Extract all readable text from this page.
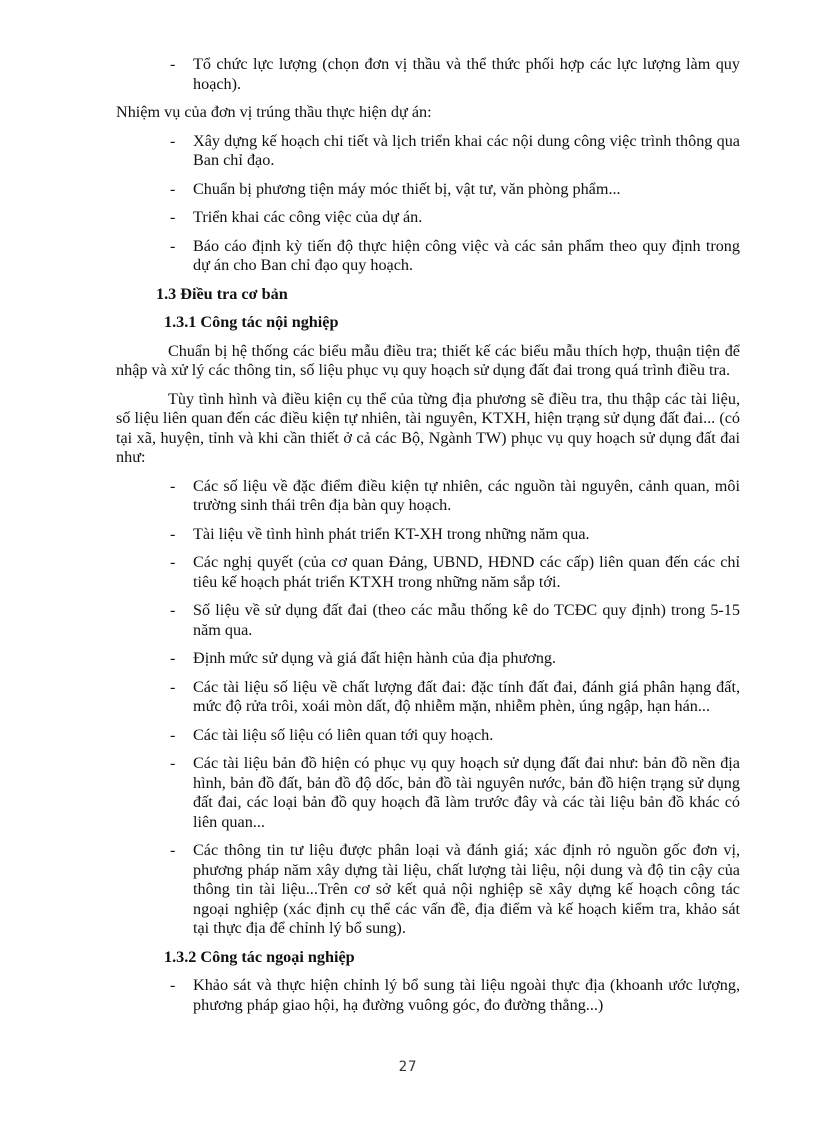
- Tổ chức lực lượng (chọn đơn vị thầu và thể thức phối hợp các lực lượng làm quy hoạch).

Nhiệm vụ của đơn vị trúng thầu thực hiện dự án:

- Xây dựng kế hoạch chi tiết và lịch triển khai các nội dung công việc trình thông qua Ban chỉ đạo.
- Chuẩn bị phương tiện máy móc thiết bị, vật tư, văn phòng phẩm...
- Triển khai các công việc của dự án.
- Báo cáo định kỳ tiến độ thực hiện công việc và các sản phẩm theo quy định trong dự án cho Ban chỉ đạo quy hoạch.
1.3 Điều tra cơ bản
1.3.1 Công tác nội nghiệp

Chuẩn bị hệ thống các biểu mẫu điều tra; thiết kế các biểu mẫu thích hợp, thuận tiện để nhập và xử lý các thông tin, số liệu phục vụ quy hoạch sử dụng đất đai trong quá trình điều tra.

Tùy tình hình và điều kiện cụ thể của từng địa phương sẽ điều tra, thu thập các tài liệu, số liệu liên quan đến các điều kiện tự nhiên, tài nguyên, KTXH, hiện trạng sử dụng đất đai... (có tại xã, huyện, tỉnh và khi cần thiết ở cả các Bộ, Ngành TW) phục vụ quy hoạch sử dụng đất đai như:

- Các số liệu về đặc điểm điều kiện tự nhiên, các nguồn tài nguyên, cảnh quan, môi trường sinh thái trên địa bàn quy hoạch.
- Tài liệu về tình hình phát triển KT-XH trong những năm qua.
- Các nghị quyết (của cơ quan Đảng, UBND, HĐND các cấp) liên quan đến các chỉ tiêu kế hoạch phát triển KTXH trong những năm sắp tới.
- Số liệu về sử dụng đất đai (theo các mẫu thống kê do TCĐC quy định) trong 5-15 năm qua.
- Định mức sử dụng và giá đất hiện hành của địa phương.
- Các tài liệu số liệu về chất lượng đất đai: đặc tính đất đai, đánh giá phân hạng đất, mức độ rửa trôi, xoái mòn dất, độ nhiễm mặn, nhiễm phèn, úng ngập, hạn hán...
- Các tài liệu số liệu có liên quan tới quy hoạch.
- Các tài liệu bản đồ hiện có phục vụ quy hoạch sử dụng đất đai như: bản đồ nền địa hình, bản đồ đất, bản đồ độ dốc, bản đồ tài nguyên nước, bản đồ hiện trạng sử dụng đất đai, các loại bản đồ quy hoạch đã làm trước đây và các tài liệu bản đồ khác có liên quan...
- Các thông tin tư liệu được phân loại và đánh giá; xác định rỏ nguồn gốc đơn vị, phương pháp năm xây dựng tài liệu, chất lượng tài liệu, nội dung và độ tin cậy của thông tin tài liệu...Trên cơ sở kết quả nội nghiệp sẽ xây dựng kế hoạch công tác ngoại nghiệp (xác định cụ thể các vấn đề, địa điểm và kế hoạch kiểm tra, khảo sát tại thực địa để chỉnh lý bổ sung).
1.3.2 Công tác ngoại nghiệp
- Khảo sát và thực hiện chỉnh lý bổ sung tài liệu ngoài thực địa (khoanh ước lượng, phương pháp giao hội, hạ đường vuông góc, đo đường thẳng...)
27
